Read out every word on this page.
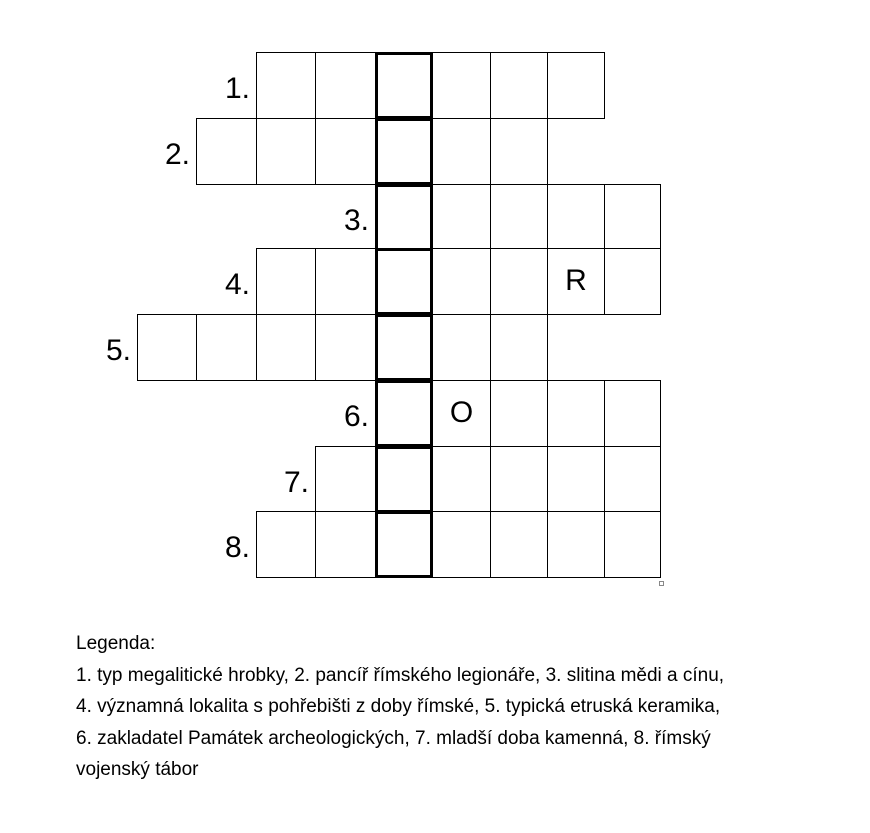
1.
2.
3.
4.	R
5.
6.	O
7.
8.
Legenda:
1. typ megalitické hrobky, 2. pancíř římského legionáře, 3. slitina mědi a cínu,
4. významná lokalita s pohřebišti z doby římské, 5. typická etruská keramika,
6. zakladatel Památek archeologických, 7. mladší doba kamenná, 8. římský
vojenský tábor
